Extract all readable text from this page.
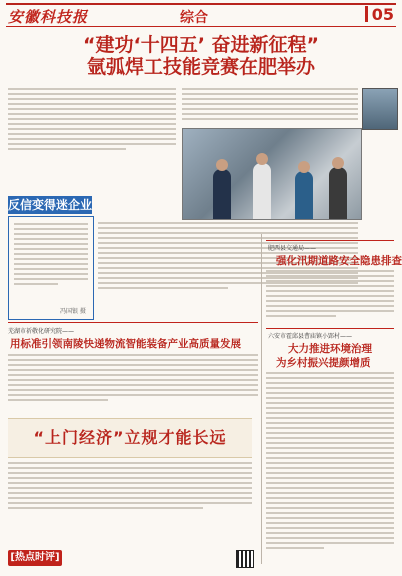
安徽科技报	综合	05
“建功‘十四五’ 奋进新征程”
氩弧焊工技能竞赛在肥举办
反信变得迷企业
冯国银 摄
芜湖市祈敬化研究院——
用标准引领南陵快递物流智能装备产业高质量发展
“上门经济”立规才能长远
[热点时评]
肥西县交通局——
强化汛期道路安全隐患排查
六安市霍邱县曹庙镇小郢村——
大力推进环境治理
为乡村振兴提颜增质
